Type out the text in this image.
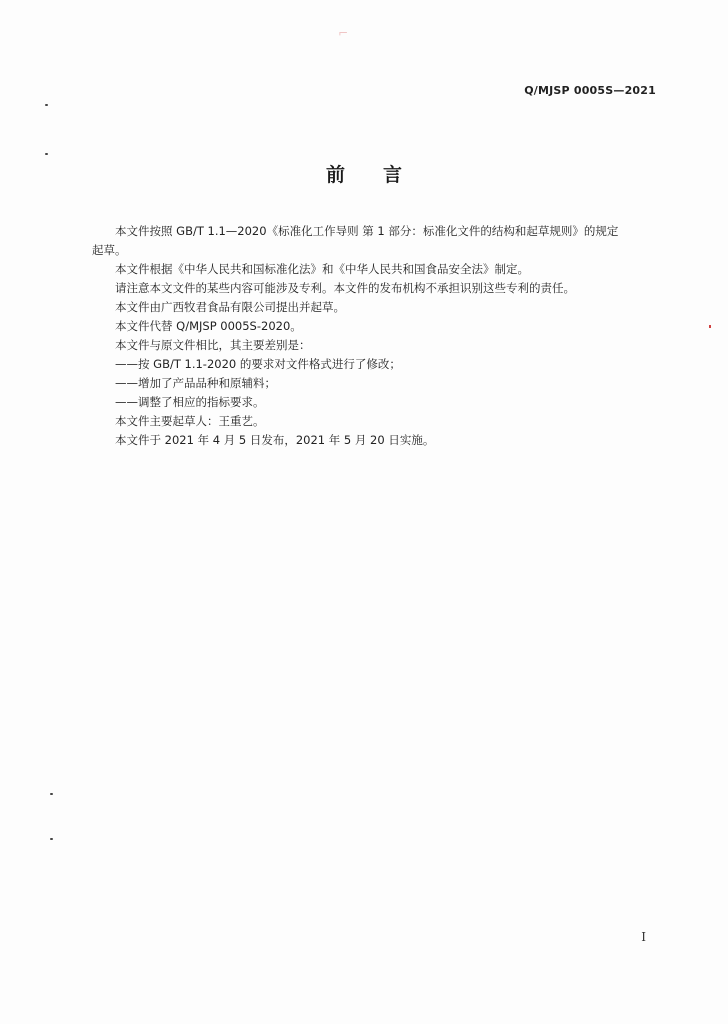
⌐
Q/MJSP 0005S—2021
前言

本文件按照 GB/T 1.1—2020《标准化工作导则 第 1 部分：标准化文件的结构和起草规则》的规定
起草。

本文件根据《中华人民共和国标准化法》和《中华人民共和国食品安全法》制定。

请注意本文文件的某些内容可能涉及专利。本文件的发布机构不承担识别这些专利的责任。

本文件由广西牧君食品有限公司提出并起草。

本文件代替 Q/MJSP 0005S-2020。

本文件与原文件相比，其主要差别是：

——按 GB/T 1.1-2020 的要求对文件格式进行了修改；

——增加了产品品种和原辅料；

——调整了相应的指标要求。

本文件主要起草人：王重艺。

本文件于 2021 年 4 月 5 日发布，2021 年 5 月 20 日实施。

I
